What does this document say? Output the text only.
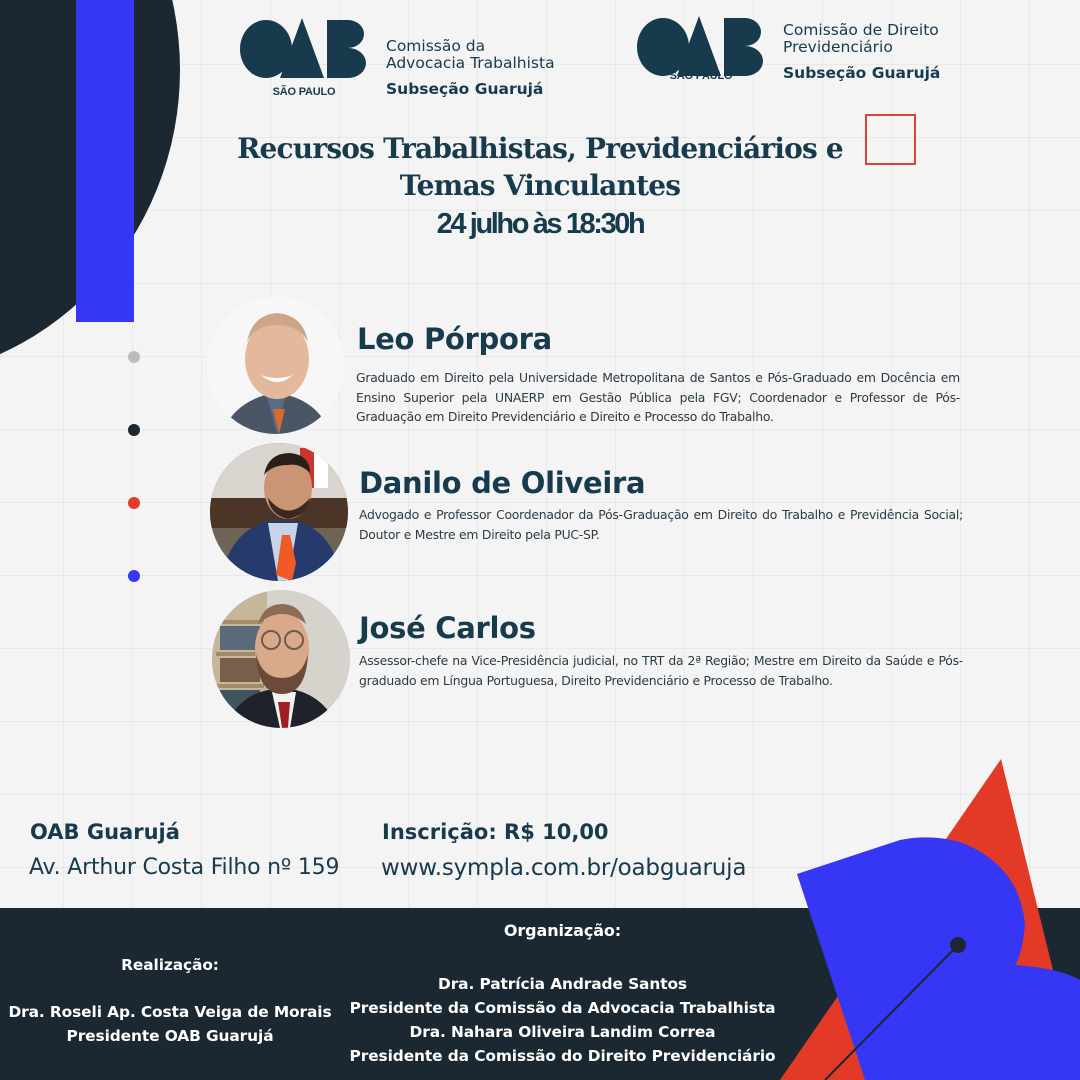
SÃO PAULO
Comissão da
Advocacia Trabalhista
Subseção Guarujá
SÃO PAULO
Comissão de Direito
Previdenciário
Subseção Guarujá
Recursos Trabalhistas, Previdenciários e
Temas Vinculantes
24 julho às 18:30h
Leo Pórpora
Graduado em Direito pela Universidade Metropolitana de Santos e Pós-Graduado em Docência em Ensino Superior pela UNAERP em Gestão Pública pela FGV; Coordenador e Professor de Pós-Graduação em Direito Previdenciário e Direito e Processo do Trabalho.
Danilo de Oliveira
Advogado e Professor Coordenador da Pós-Graduação em Direito do Trabalho e Previdência Social; Doutor e Mestre em Direito pela PUC-SP.
José Carlos
Assessor-chefe na Vice-Presidência judicial, no TRT da 2ª Região; Mestre em Direito da Saúde e Pós-graduado em Língua Portuguesa, Direito Previdenciário e Processo de Trabalho.
OAB Guarujá
Av. Arthur Costa Filho nº 159
Inscrição: R$ 10,00
www.sympla.com.br/oabguaruja
Realização:
Dra. Roseli Ap. Costa Veiga de Morais
Presidente OAB Guarujá
Organização:
Dra. Patrícia Andrade Santos
Presidente da Comissão da Advocacia Trabalhista
Dra. Nahara Oliveira Landim Correa
Presidente da Comissão do Direito Previdenciário
